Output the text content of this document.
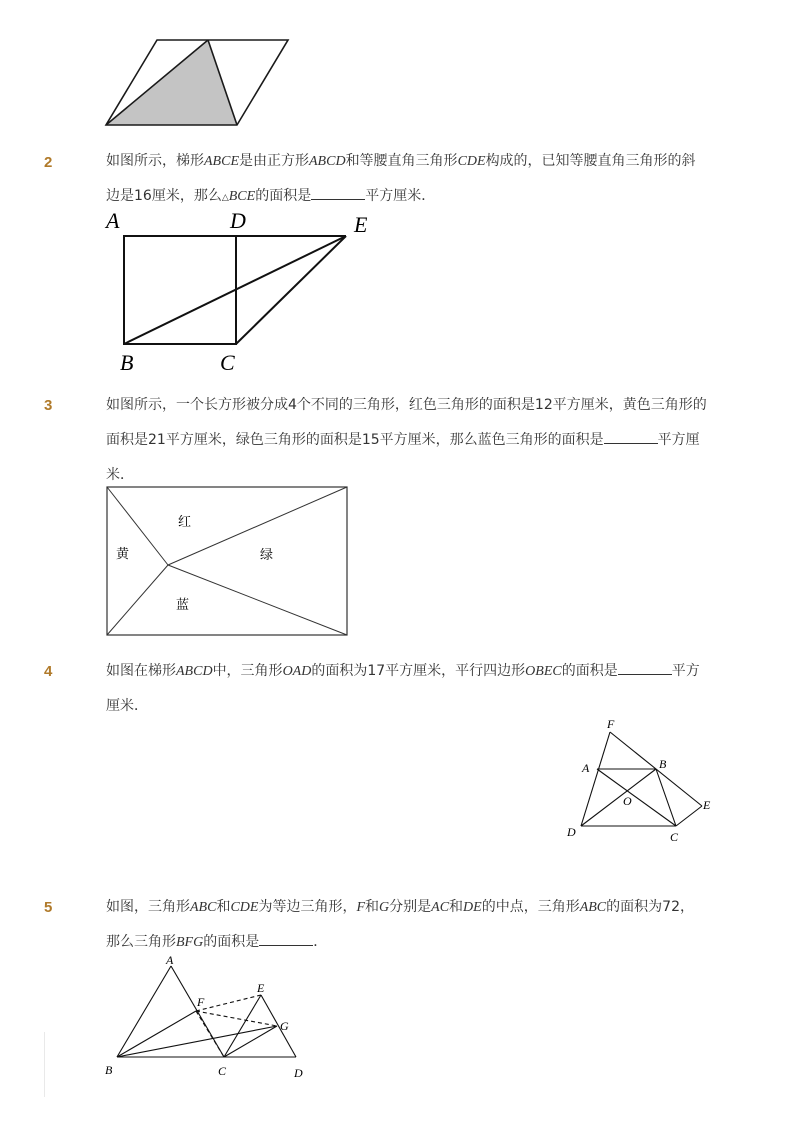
2	如图所示，梯形ABCE是由正方形ABCD和等腰直角三角形CDE构成的，已知等腰直角三角形的斜
边是16厘米，那么△BCE的面积是	平方厘米．
A	D	E
B	C
3	如图所示，一个长方形被分成4个不同的三角形，红色三角形的面积是12平方厘米，黄色三角形的
面积是21平方厘米，绿色三角形的面积是15平方厘米，那么蓝色三角形的面积是	平方厘
米．
红
黄	绿
蓝
4	如图在梯形ABCD中，三角形OAD的面积为17平方厘米，平行四边形OBEC的面积是	平方
厘米．
F
A	B
O	E
D	C
5	如图，三角形ABC和CDE为等边三角形，F和G分别是AC和DE的中点，三角形ABC的面积为72，
那么三角形BFG的面积是	．
A
F
E
G
B	C	D
